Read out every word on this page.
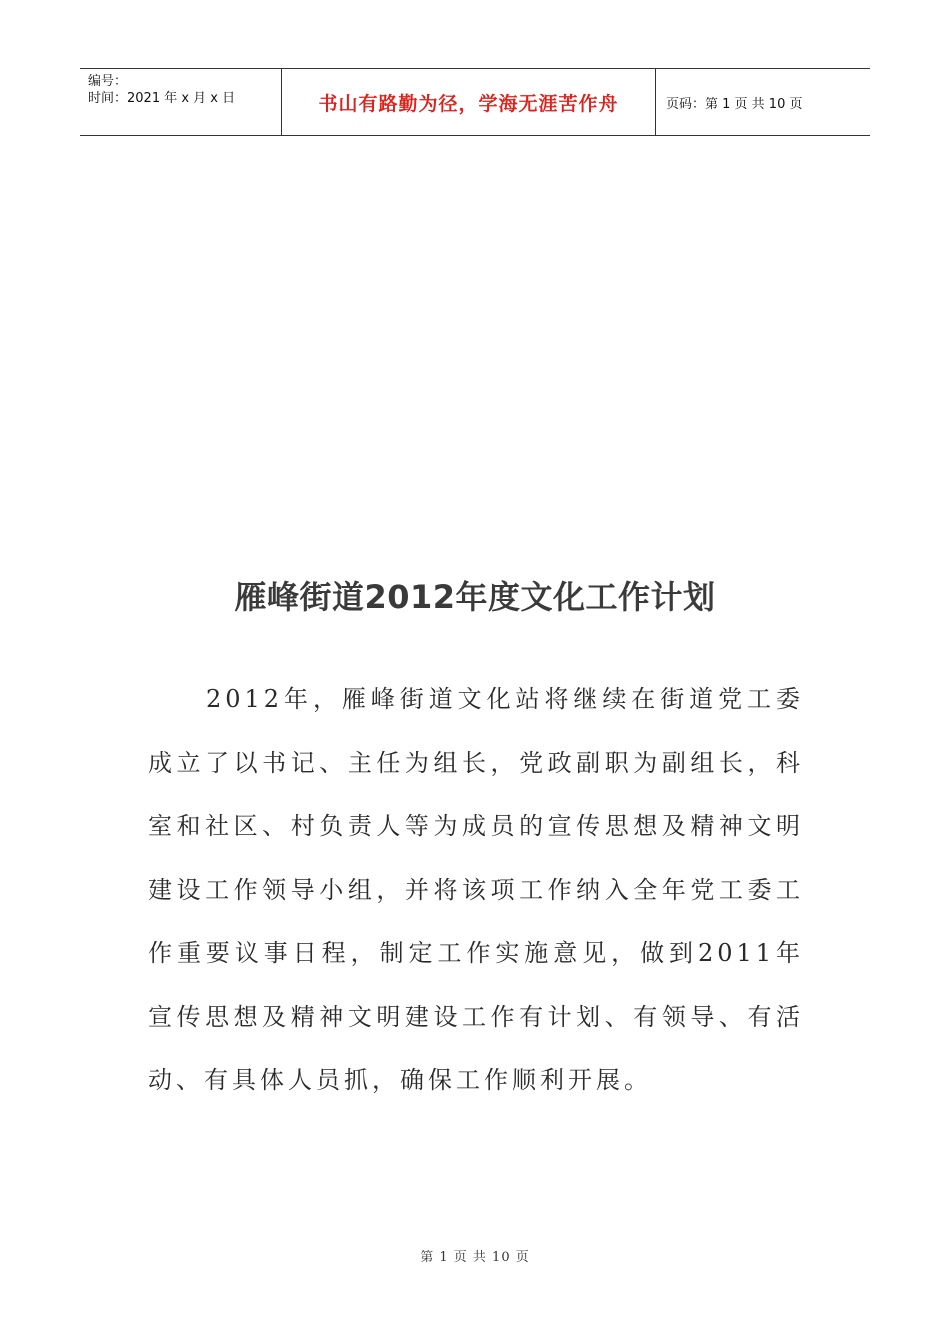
编号：
时间：2021 年 x 月 x 日	书山有路勤为径，学海无涯苦作舟	页码：第 1 页 共 10 页
雁峰街道2012年度文化工作计划

2012年，雁峰街道文化站将继续在街道党工委成立了以书记、主任为组长，党政副职为副组长，科室和社区、村负责人等为成员的宣传思想及精神文明建设工作领导小组，并将该项工作纳入全年党工委工作重要议事日程，制定工作实施意见，做到2011年宣传思想及精神文明建设工作有计划、有领导、有活动、有具体人员抓，确保工作顺利开展。

第 1 页 共 10 页
